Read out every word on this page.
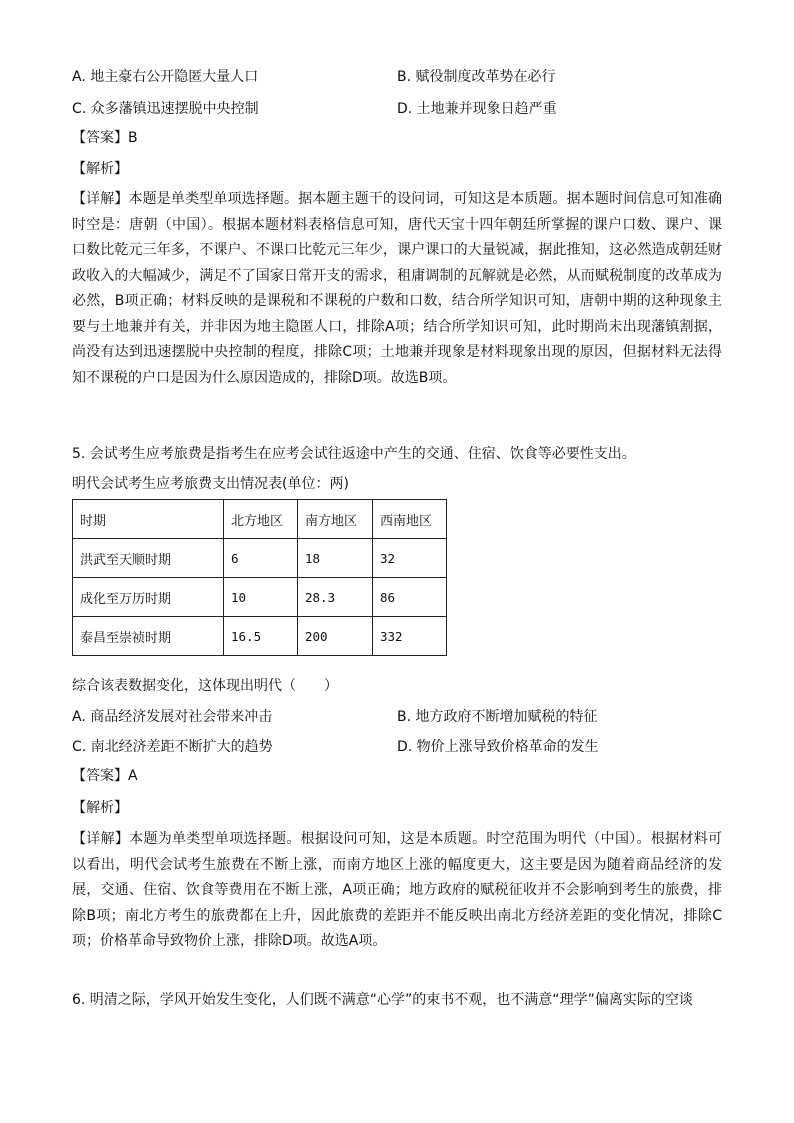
A. 地主豪右公开隐匿大量人口	B. 赋役制度改革势在必行
C. 众多藩镇迅速摆脱中央控制	D. 土地兼并现象日趋严重
【答案】B
【解析】
【详解】本题是单类型单项选择题。据本题主题干的设问词，可知这是本质题。据本题时间信息可知准确时空是：唐朝（中国）。根据本题材料表格信息可知，唐代天宝十四年朝廷所掌握的课户口数、课户、课口数比乾元三年多，不课户、不课口比乾元三年少，课户课口的大量锐减，据此推知，这必然造成朝廷财政收入的大幅减少，满足不了国家日常开支的需求，租庸调制的瓦解就是必然，从而赋税制度的改革成为必然，B项正确；材料反映的是课税和不课税的户数和口数，结合所学知识可知，唐朝中期的这种现象主要与土地兼并有关，并非因为地主隐匿人口，排除A项；结合所学知识可知，此时期尚未出现藩镇割据，尚没有达到迅速摆脱中央控制的程度，排除C项；土地兼并现象是材料现象出现的原因，但据材料无法得知不课税的户口是因为什么原因造成的，排除D项。故选B项。
5. 会试考生应考旅费是指考生在应考会试往返途中产生的交通、住宿、饮食等必要性支出。
明代会试考生应考旅费支出情况表(单位：两)
时期	北方地区	南方地区	西南地区
洪武至天顺时期	6	18	32
成化至万历时期	10	28.3	86
泰昌至崇祯时期	16.5	200	332
综合该表数据变化，这体现出明代（　　）
A. 商品经济发展对社会带来冲击	B. 地方政府不断增加赋税的特征
C. 南北经济差距不断扩大的趋势	D. 物价上涨导致价格革命的发生
【答案】A
【解析】
【详解】本题为单类型单项选择题。根据设问可知，这是本质题。时空范围为明代（中国）。根据材料可以看出，明代会试考生旅费在不断上涨，而南方地区上涨的幅度更大，这主要是因为随着商品经济的发展，交通、住宿、饮食等费用在不断上涨，A项正确；地方政府的赋税征收并不会影响到考生的旅费，排除B项；南北方考生的旅费都在上升，因此旅费的差距并不能反映出南北方经济差距的变化情况，排除C项；价格革命导致物价上涨，排除D项。故选A项。
6. 明清之际，学风开始发生变化，人们既不满意“心学”的束书不观，也不满意“理学”偏离实际的空谈
